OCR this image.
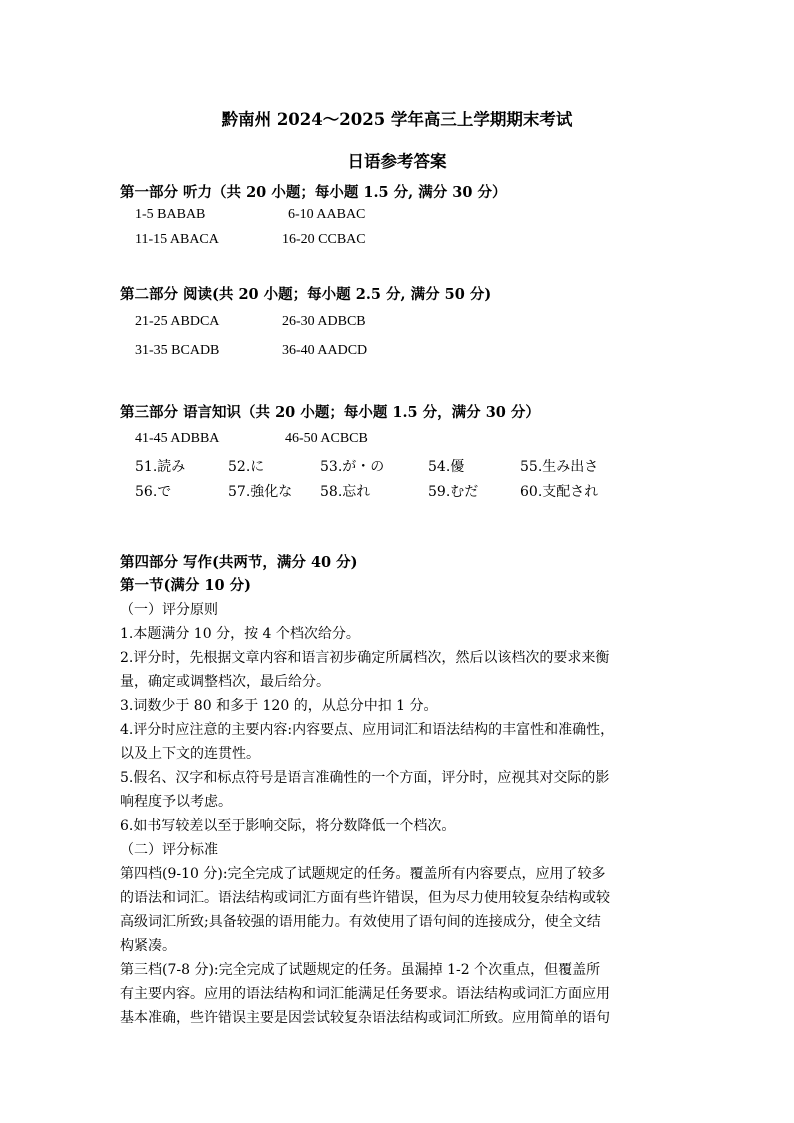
黔南州 2024～2025 学年高三上学期期末考试
日语参考答案
第一部分 听力（共 20 小题；每小题 1.5 分, 满分 30 分）
1-5 BABAB	6-10 AABAC
11-15 ABACA	16-20 CCBAC
第二部分 阅读(共 20 小题；每小题 2.5 分, 满分 50 分)
21-25 ABDCA	26-30 ADBCB
31-35 BCADB	36-40 AADCD
第三部分 语言知识（共 20 小题；每小题 1.5 分，满分 30 分）
41-45 ADBBA	46-50 ACBCB
51.読み	52.に	53.が・の	54.優	55.生み出さ
56.で	57.強化な 58.忘れ	59.むだ	60.支配され
第四部分 写作(共两节，满分 40 分)
第一节(满分 10 分)
（一）评分原则
1.本题满分 10 分，按 4 个档次给分。
2.评分时，先根据文章内容和语言初步确定所属档次，然后以该档次的要求来衡
量，确定或调整档次，最后给分。
3.词数少于 80 和多于 120 的，从总分中扣 1 分。
4.评分时应注意的主要内容:内容要点、应用词汇和语法结构的丰富性和准确性，
以及上下文的连贯性。
5.假名、汉字和标点符号是语言准确性的一个方面，评分时，应视其对交际的影
响程度予以考虑。
6.如书写较差以至于影响交际，将分数降低一个档次。
（二）评分标准
第四档(9-10 分):完全完成了试题规定的任务。覆盖所有内容要点，应用了较多
的语法和词汇。语法结构或词汇方面有些许错误，但为尽力使用较复杂结构或较
高级词汇所致;具备较强的语用能力。有效使用了语句间的连接成分，使全文结
构紧凑。
第三档(7-8 分):完全完成了试题规定的任务。虽漏掉 1-2 个次重点，但覆盖所
有主要内容。应用的语法结构和词汇能满足任务要求。语法结构或词汇方面应用
基本准确，些许错误主要是因尝试较复杂语法结构或词汇所致。应用简单的语句
